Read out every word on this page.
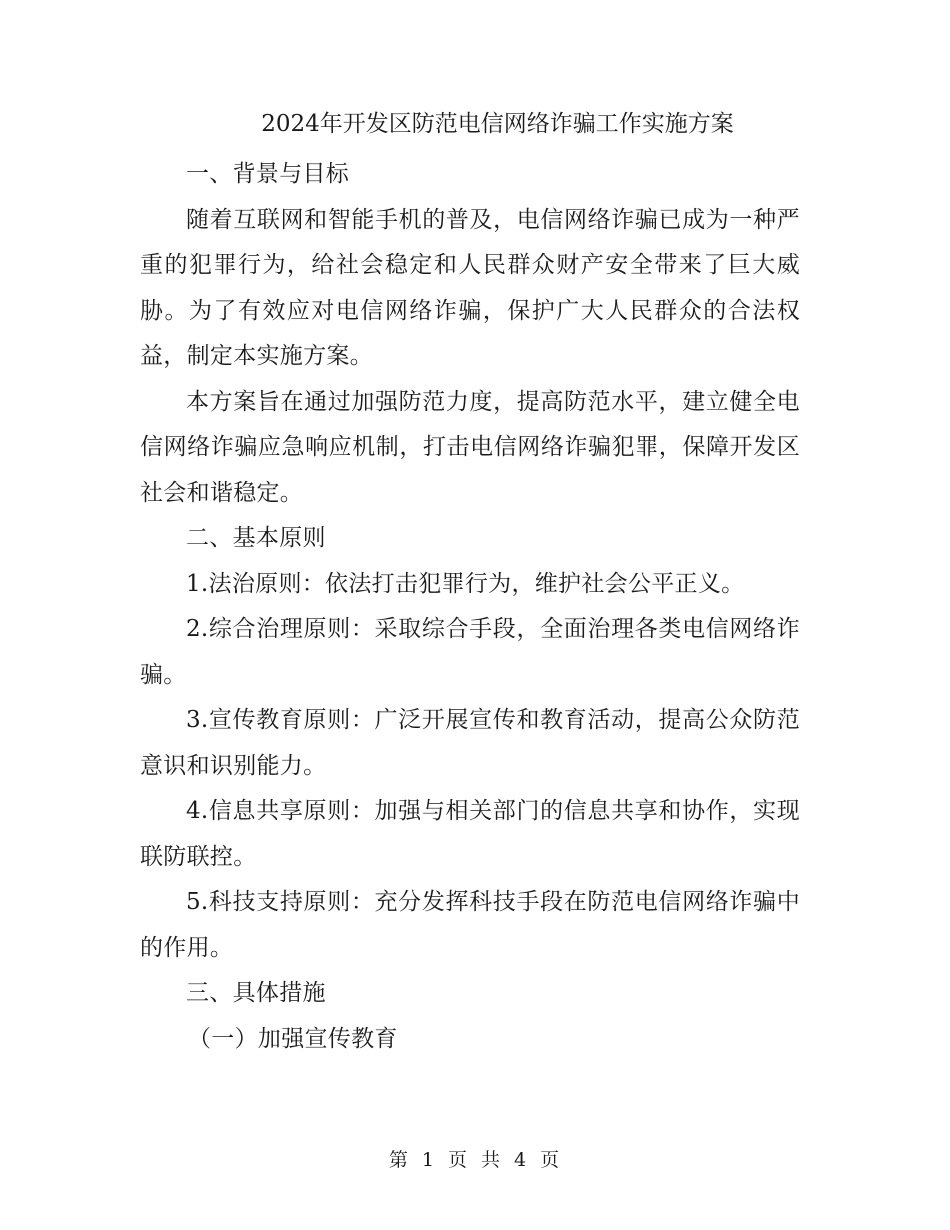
2024年开发区防范电信网络诈骗工作实施方案

一、背景与目标

随着互联网和智能手机的普及，电信网络诈骗已成为一种严重的犯罪行为，给社会稳定和人民群众财产安全带来了巨大威胁。为了有效应对电信网络诈骗，保护广大人民群众的合法权益，制定本实施方案。

本方案旨在通过加强防范力度，提高防范水平，建立健全电信网络诈骗应急响应机制，打击电信网络诈骗犯罪，保障开发区社会和谐稳定。

二、基本原则

1.法治原则：依法打击犯罪行为，维护社会公平正义。

2.综合治理原则：采取综合手段，全面治理各类电信网络诈骗。

3.宣传教育原则：广泛开展宣传和教育活动，提高公众防范意识和识别能力。

4.信息共享原则：加强与相关部门的信息共享和协作，实现联防联控。

5.科技支持原则：充分发挥科技手段在防范电信网络诈骗中的作用。

三、具体措施

（一）加强宣传教育

第 1 页 共 4 页
